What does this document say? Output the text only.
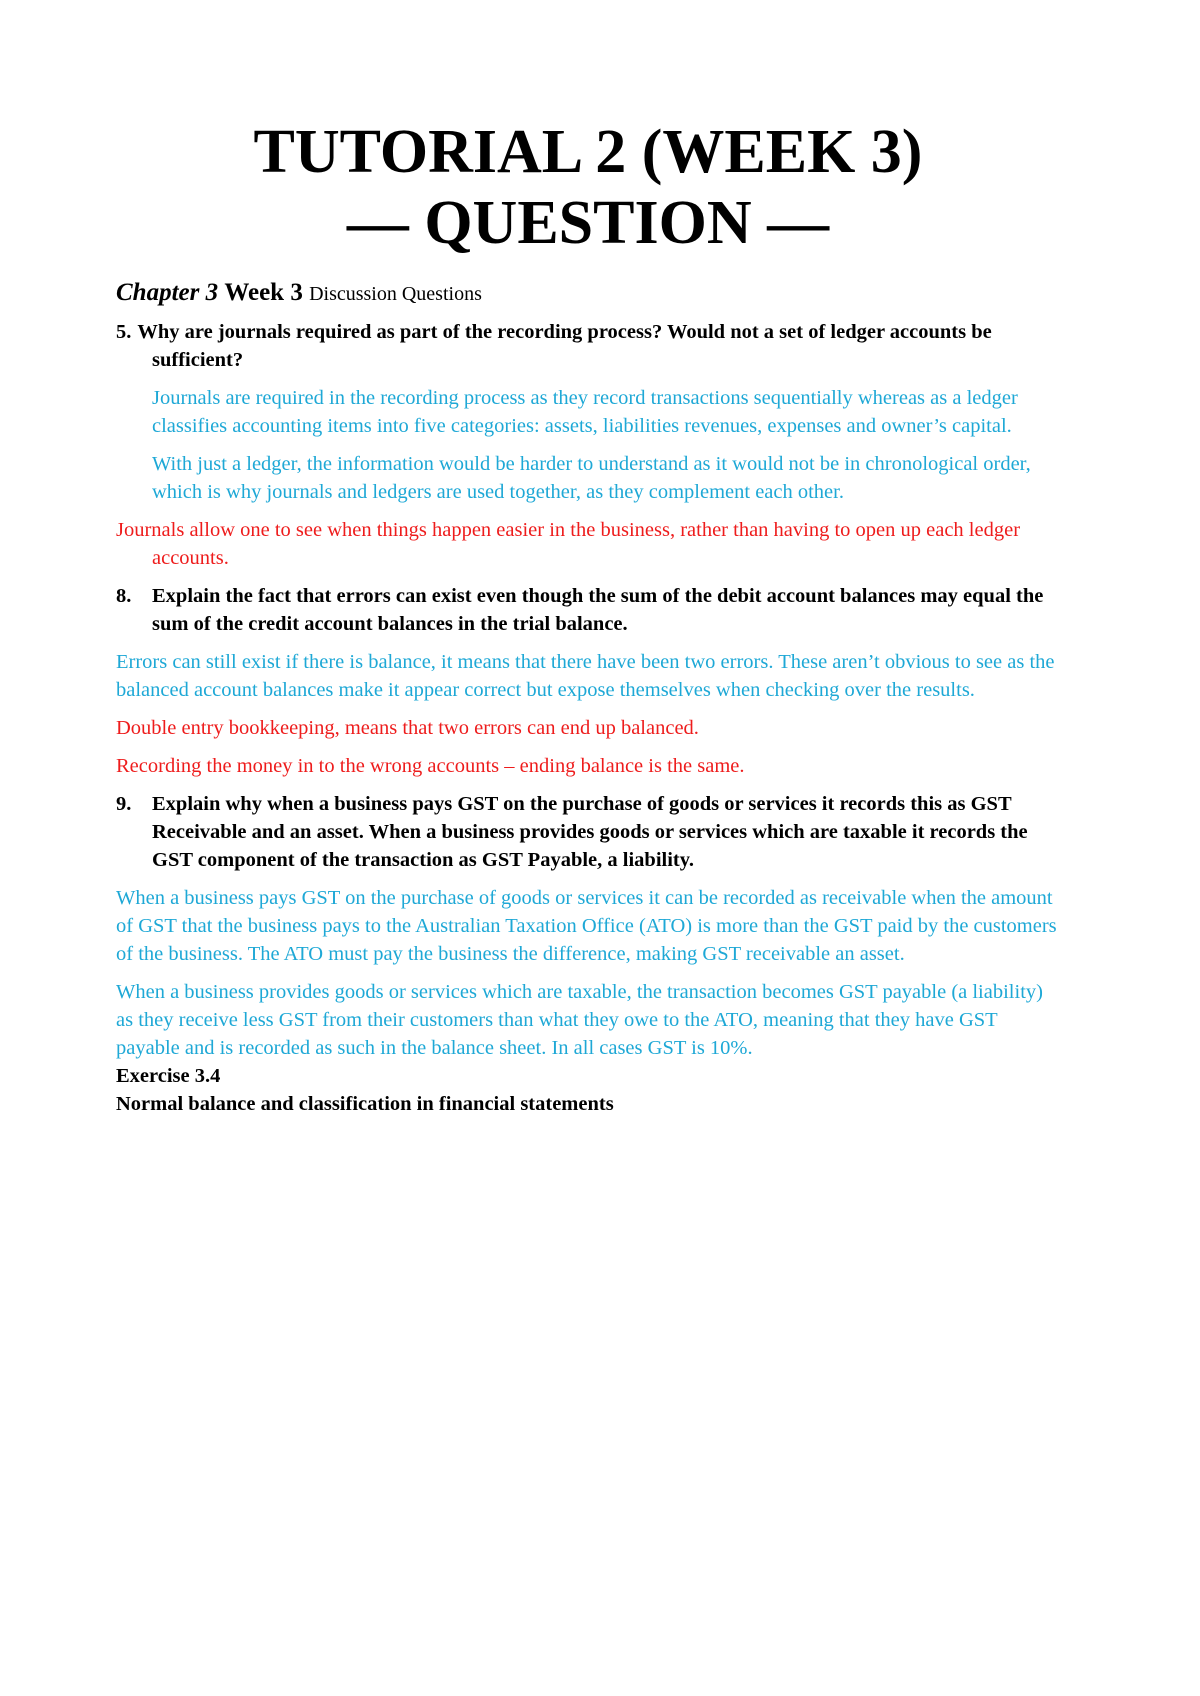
TUTORIAL 2 (WEEK 3)
— QUESTION —

Chapter 3 Week 3 Discussion Questions

5. Why are journals required as part of the recording process? Would not a set of ledger accounts be sufficient?

Journals are required in the recording process as they record transactions sequentially whereas as a ledger classifies accounting items into five categories: assets, liabilities revenues, expenses and owner’s capital.

With just a ledger, the information would be harder to understand as it would not be in chronological order, which is why journals and ledgers are used together, as they complement each other.

Journals allow one to see when things happen easier in the business, rather than having to open up each ledger accounts.

8. Explain the fact that errors can exist even though the sum of the debit account balances may equal the sum of the credit account balances in the trial balance.

Errors can still exist if there is balance, it means that there have been two errors. These aren’t obvious to see as the balanced account balances make it appear correct but expose themselves when checking over the results.

Double entry bookkeeping, means that two errors can end up balanced.

Recording the money in to the wrong accounts – ending balance is the same.

9. Explain why when a business pays GST on the purchase of goods or services it records this as GST Receivable and an asset. When a business provides goods or services which are taxable it records the GST component of the transaction as GST Payable, a liability.

When a business pays GST on the purchase of goods or services it can be recorded as receivable when the amount of GST that the business pays to the Australian Taxation Office (ATO) is more than the GST paid by the customers of the business. The ATO must pay the business the difference, making GST receivable an asset.

When a business provides goods or services which are taxable, the transaction becomes GST payable (a liability) as they receive less GST from their customers than what they owe to the ATO, meaning that they have GST payable and is recorded as such in the balance sheet. In all cases GST is 10%.

Exercise 3.4

Normal balance and classification in financial statements
